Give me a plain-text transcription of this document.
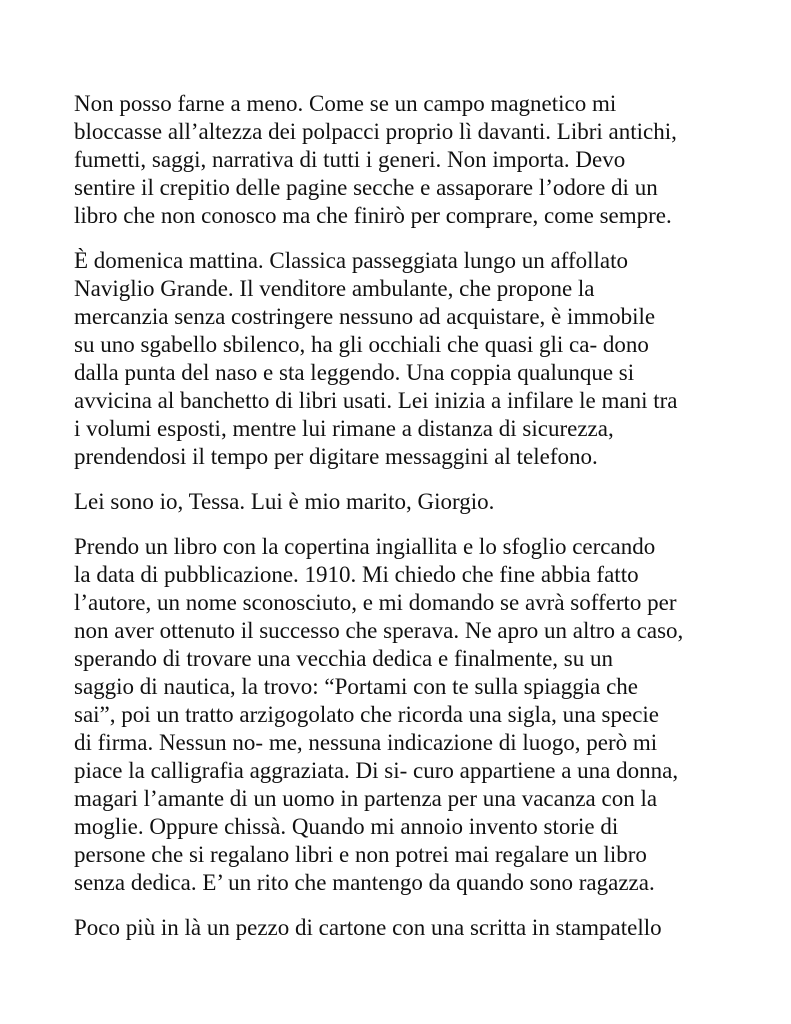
Non posso farne a meno. Come se un campo magnetico mi
bloccasse all’altezza dei polpacci proprio lì davanti. Libri antichi,
fumetti, saggi, narrativa di tutti i generi. Non importa. Devo
sentire il crepitio delle pagine secche e assaporare l’odore di un
libro che non conosco ma che finirò per comprare, come sempre.

È domenica mattina. Classica passeggiata lungo un affollato
Naviglio Grande. Il venditore ambulante, che propone la
mercanzia senza costringere nessuno ad acquistare, è immobile
su uno sgabello sbilenco, ha gli occhiali che quasi gli ca- dono
dalla punta del naso e sta leggendo. Una coppia qualunque si
avvicina al banchetto di libri usati. Lei inizia a infilare le mani tra
i volumi esposti, mentre lui rimane a distanza di sicurezza,
prendendosi il tempo per digitare messaggini al telefono.

Lei sono io, Tessa. Lui è mio marito, Giorgio.

Prendo un libro con la copertina ingiallita e lo sfoglio cercando
la data di pubblicazione. 1910. Mi chiedo che fine abbia fatto
l’autore, un nome sconosciuto, e mi domando se avrà sofferto per
non aver ottenuto il successo che sperava. Ne apro un altro a caso,
sperando di trovare una vecchia dedica e finalmente, su un
saggio di nautica, la trovo: “Portami con te sulla spiaggia che
sai”, poi un tratto arzigogolato che ricorda una sigla, una specie
di firma. Nessun no- me, nessuna indicazione di luogo, però mi
piace la calligrafia aggraziata. Di si- curo appartiene a una donna,
magari l’amante di un uomo in partenza per una vacanza con la
moglie. Oppure chissà. Quando mi annoio invento storie di
persone che si regalano libri e non potrei mai regalare un libro
senza dedica. E’ un rito che mantengo da quando sono ragazza.

Poco più in là un pezzo di cartone con una scritta in stampatello
